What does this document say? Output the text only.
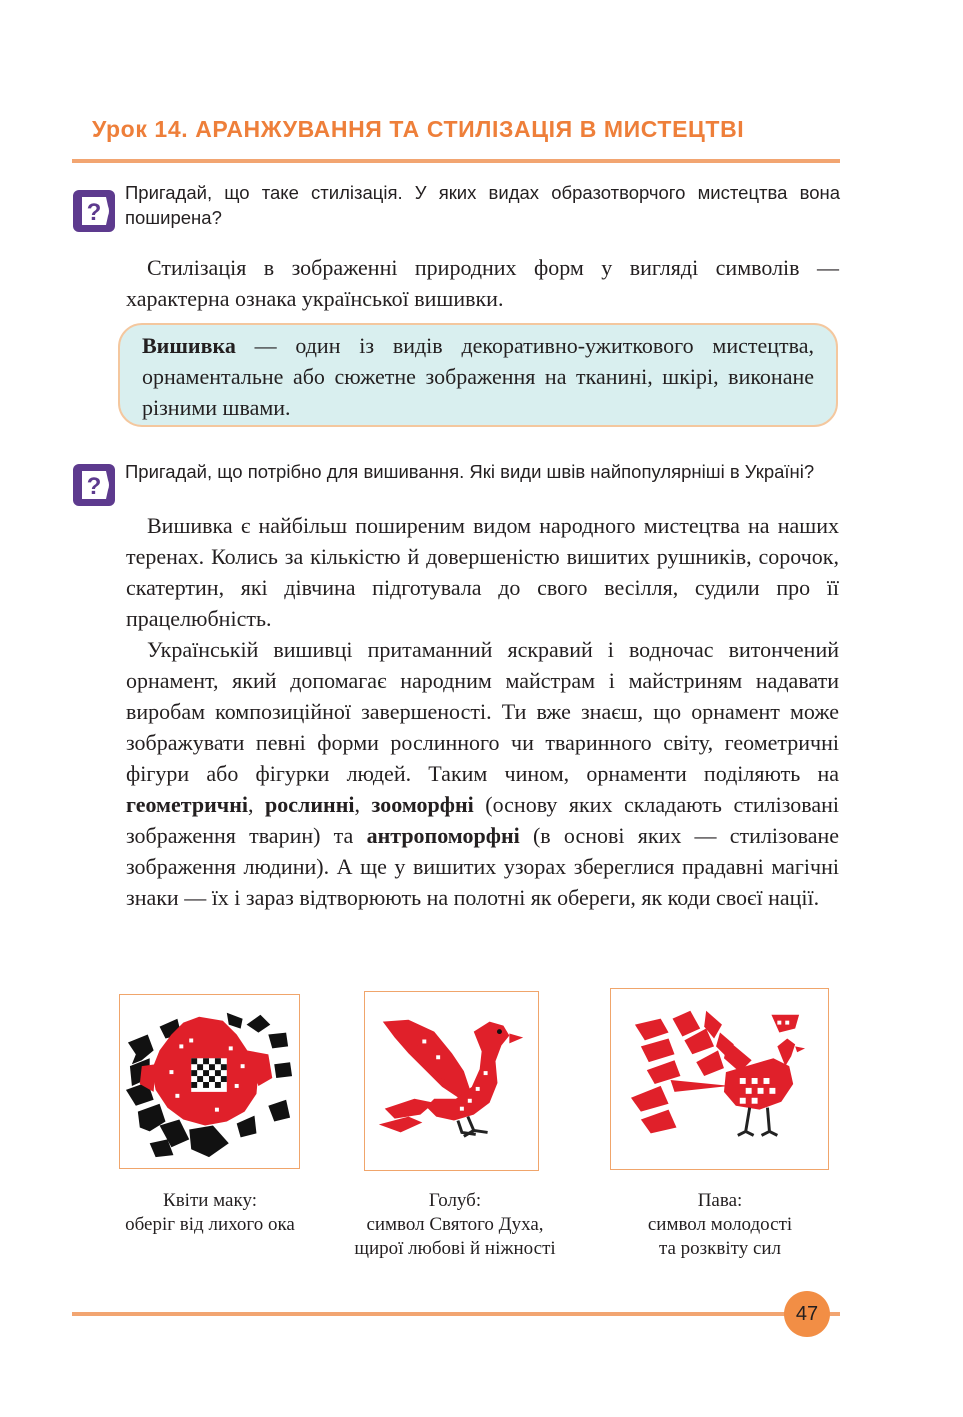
Урок 14. АРАНЖУВАННЯ ТА СТИЛІЗАЦІЯ В МИСТЕЦТВІ
?
Пригадай, що таке стилізація. У яких видах образотворчого мистецтва вона поширена?

Стилізація в зображенні природних форм у вигляді символів — характерна ознака української вишивки.

Вишивка — один із видів декоративно-ужиткового мистецтва, орнаментальне або сюжетне зображення на тканині, шкірі, виконане різними швами.

?
Пригадай, що потрібно для вишивання. Які види швів найпопулярніші в Україні?

Вишивка є найбільш поширеним видом народного мистецтва на наших теренах. Колись за кількістю й довершеністю вишитих рушників, сорочок, скатертин, які дівчина підготувала до свого весілля, судили про її працелюбність.

Українській вишивці притаманний яскравий і водночас витончений орнамент, який допомагає народним майстрам і майстриням надавати виробам композиційної завершеності. Ти вже знаєш, що орнамент може зображувати певні форми рослинного чи тваринного світу, геометричні фігури або фігурки людей. Таким чином, орнаменти поділяють на геометричні, рослинні, зооморфні (основу яких складають стилізовані зображення тварин) та антропоморфні (в основі яких — стилізоване зображення людини). А ще у вишитих узорах збереглися прадавні магічні знаки — їх і зараз відтворюють на полотні як обереги, як коди своєї нації.

Квіти маку:
оберіг від лихого ока
Голуб:
символ Святого Духа,
щирої любові й ніжності
Пава:
символ молодості
та розквіту сил
47
